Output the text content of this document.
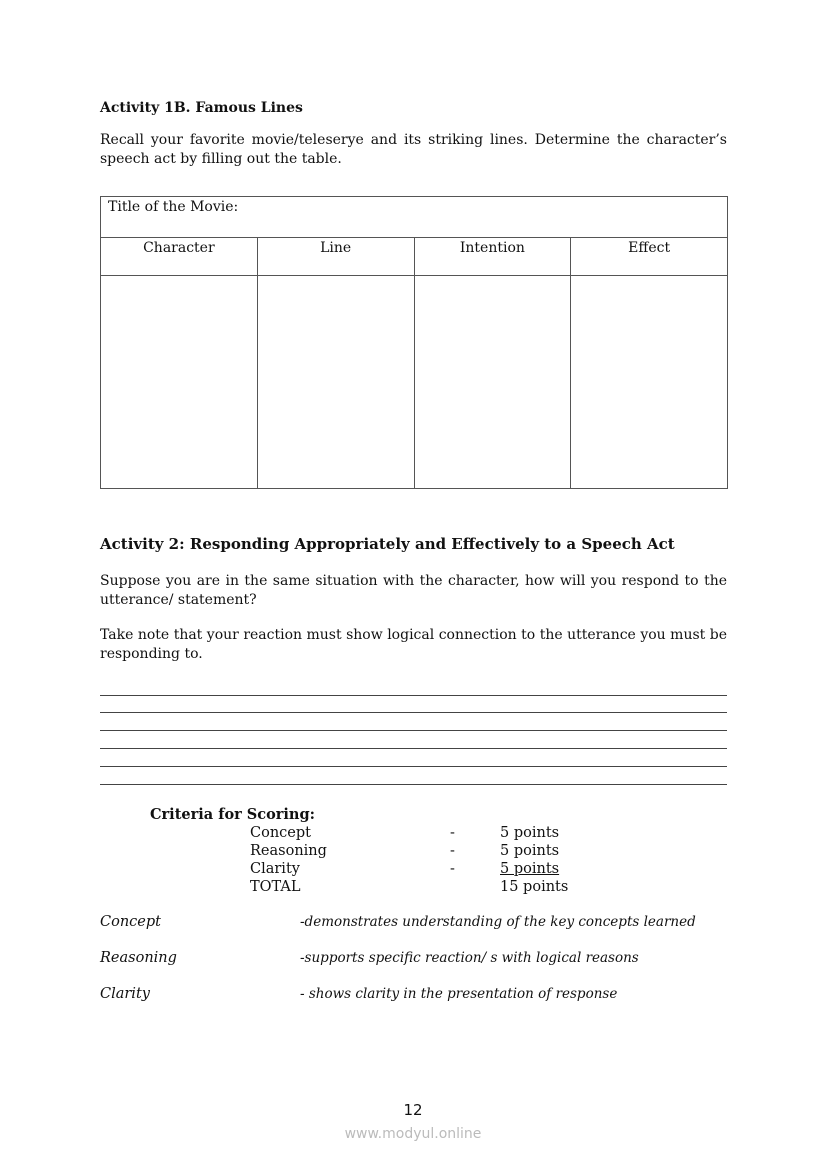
Activity 1B. Famous Lines
Recall your favorite movie/teleserye and its striking lines. Determine the character’s speech act by filling out the table.
Title of the Movie:			
Character	Line	Intention	Effect

Activity 2: Responding Appropriately and Effectively to a Speech Act
Suppose you are in the same situation with the character, how will you respond to the utterance/ statement?
Take note that your reaction must show logical connection to the utterance you must be responding to.
Criteria for Scoring:
Concept	-	5 points
Reasoning	-	5 points
Clarity	-	5 points
TOTAL	15 points
Concept	-demonstrates understanding of the key concepts learned
Reasoning	-supports specific reaction/ s with logical reasons
Clarity	- shows clarity in the presentation of response
12
www.modyul.online
